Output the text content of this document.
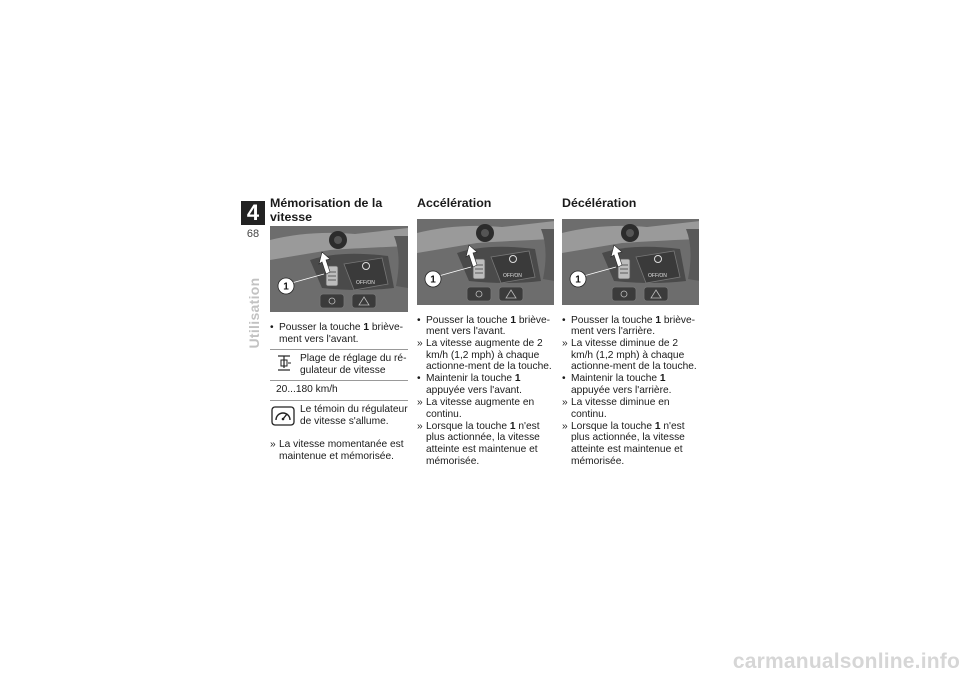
4
68
Utilisation
Mémorisation de la vitesse
OFF/ON
1
• Pousser la touche 1 briève-ment vers l'avant.
Plage de réglage du ré-gulateur de vitesse
20...180 km/h
Le témoin du régulateur de vitesse s'allume.
» La vitesse momentanée est maintenue et mémorisée.
Accélération
OFF/ON
1
• Pousser la touche 1 briève-ment vers l'avant.
» La vitesse augmente de 2 km/h (1,2 mph) à chaque actionne-ment de la touche.
• Maintenir la touche 1 appuyée vers l'avant.
» La vitesse augmente en continu.
» Lorsque la touche 1 n'est plus actionnée, la vitesse atteinte est maintenue et mémorisée.
Décélération
OFF/ON
1
• Pousser la touche 1 briève-ment vers l'arrière.
» La vitesse diminue de 2 km/h (1,2 mph) à chaque actionne-ment de la touche.
• Maintenir la touche 1 appuyée vers l'arrière.
» La vitesse diminue en continu.
» Lorsque la touche 1 n'est plus actionnée, la vitesse atteinte est maintenue et mémorisée.
carmanualsonline.info
